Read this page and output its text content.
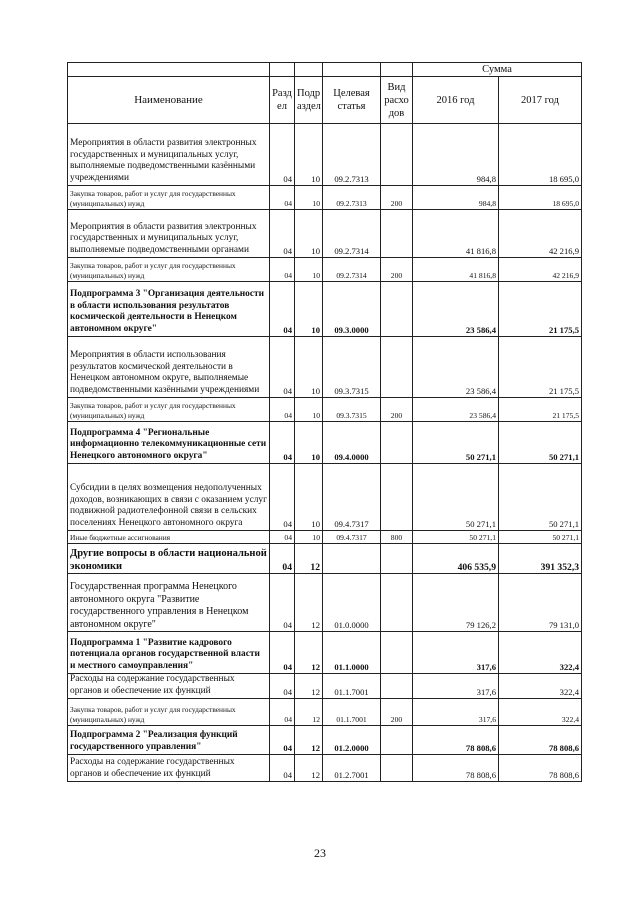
					Сумма	
Наименование	Разд ел	Подр аздел	Целевая статья	Вид расхо дов	2016 год	2017 год
Мероприятия в области развития электронных государственных и муниципальных услуг, выполняемые подведомственными казёнными учреждениями	04	10	09.2.7313		984,8	18 695,0
Закупка товаров, работ и услуг для государственных (муниципальных) нужд	04	10	09.2.7313	200	984,8	18 695,0
Мероприятия в области развития электронных государственных и муниципальных услуг, выполняемые подведомственными органами	04	10	09.2.7314		41 816,8	42 216,9
Закупка товаров, работ и услуг для государственных (муниципальных) нужд	04	10	09.2.7314	200	41 816,8	42 216,9
Подпрограмма 3 "Организация деятельности в области использования результатов космической деятельности в Ненецком автономном округе"	04	10	09.3.0000		23 586,4	21 175,5
Мероприятия в области использования результатов космической деятельности в Ненецком автономном округе, выполняемые подведомственными казёнными учреждениями	04	10	09.3.7315		23 586,4	21 175,5
Закупка товаров, работ и услуг для государственных (муниципальных) нужд	04	10	09.3.7315	200	23 586,4	21 175,5
Подпрограмма 4 "Региональные информационно телекоммуникационные сети Ненецкого автономного округа"	04	10	09.4.0000		50 271,1	50 271,1
Субсидии в целях возмещения недополученных доходов, возникающих в связи с оказанием услуг подвижной радиотелефонной связи в сельских поселениях Ненецкого автономного округа	04	10	09.4.7317		50 271,1	50 271,1
Иные бюджетные ассигнования	04	10	09.4.7317	800	50 271,1	50 271,1
Другие вопросы в области национальной экономики	04	12			406 535,9	391 352,3
Государственная программа Ненецкого автономного округа "Развитие государственного управления в Ненецком автономном округе"	04	12	01.0.0000		79 126,2	79 131,0
Подпрограмма 1 "Развитие кадрового потенциала органов государственной власти и местного самоуправления"	04	12	01.1.0000		317,6	322,4
Расходы на содержание государственных органов и обеспечение их функций	04	12	01.1.7001		317,6	322,4
Закупка товаров, работ и услуг для государственных (муниципальных) нужд	04	12	01.1.7001	200	317,6	322,4
Подпрограмма 2 "Реализация функций государственного управления"	04	12	01.2.0000		78 808,6	78 808,6
Расходы на содержание государственных органов и обеспечение их функций	04	12	01.2.7001		78 808,6	78 808,6
23
